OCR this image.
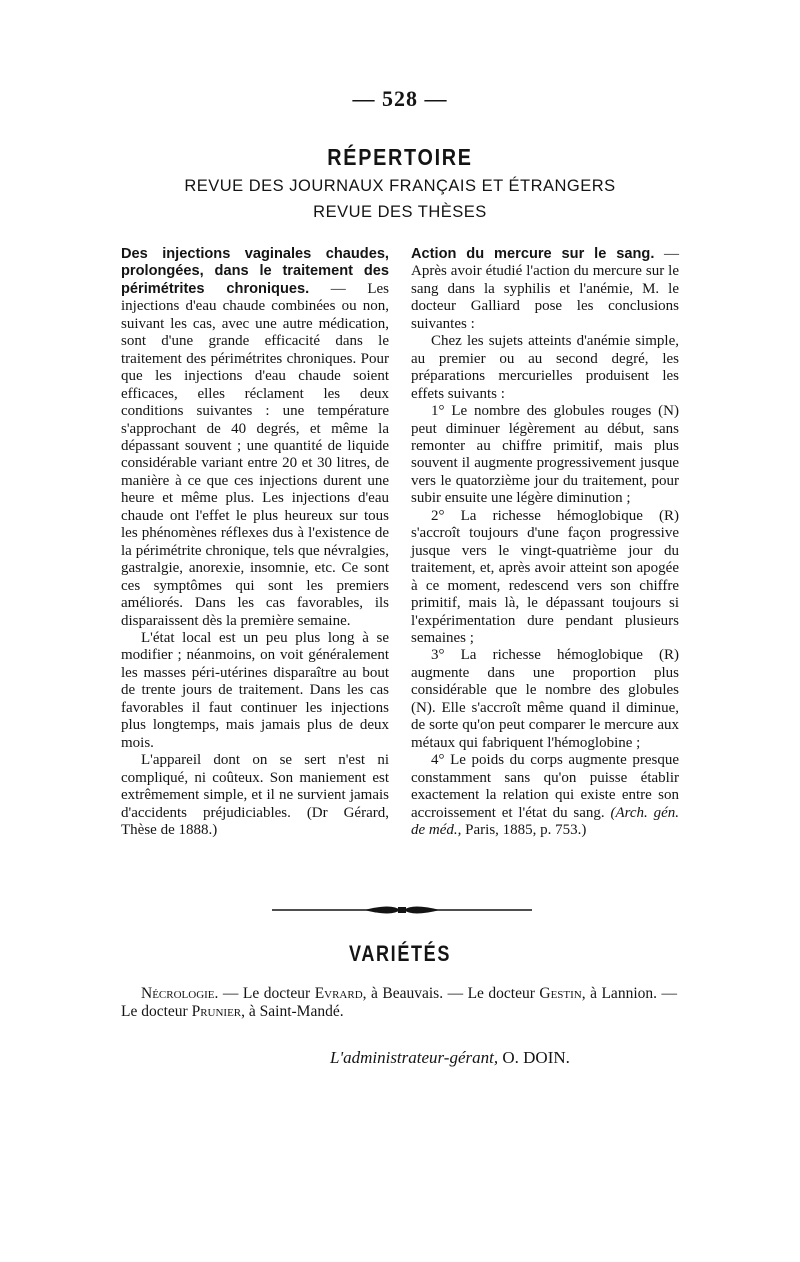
— 528 —
RÉPERTOIRE
REVUE DES JOURNAUX FRANÇAIS ET ÉTRANGERS
REVUE DES THÈSES

Des injections vaginales chaudes, prolongées, dans le traitement des périmétrites chroniques. — Les injections d'eau chaude combinées ou non, suivant les cas, avec une autre médication, sont d'une grande efficacité dans le traitement des périmétrites chroniques. Pour que les injections d'eau chaude soient efficaces, elles réclament les deux conditions suivantes : une température s'approchant de 40 degrés, et même la dépassant souvent ; une quantité de liquide considérable variant entre 20 et 30 litres, de manière à ce que ces injections durent une heure et même plus. Les injections d'eau chaude ont l'effet le plus heureux sur tous les phénomènes réflexes dus à l'existence de la périmétrite chronique, tels que névralgies, gastralgie, anorexie, insomnie, etc. Ce sont ces symptômes qui sont les premiers améliorés. Dans les cas favorables, ils disparaissent dès la première semaine.

L'état local est un peu plus long à se modifier ; néanmoins, on voit généralement les masses péri-utérines disparaître au bout de trente jours de traitement. Dans les cas favorables il faut continuer les injections plus longtemps, mais jamais plus de deux mois.

L'appareil dont on se sert n'est ni compliqué, ni coûteux. Son maniement est extrêmement simple, et il ne survient jamais d'accidents préjudiciables. (Dr Gérard, Thèse de 1888.)

Action du mercure sur le sang. — Après avoir étudié l'action du mercure sur le sang dans la syphilis et l'anémie, M. le docteur Galliard pose les conclusions suivantes :

Chez les sujets atteints d'anémie simple, au premier ou au second degré, les préparations mercurielles produisent les effets suivants :

1° Le nombre des globules rouges (N) peut diminuer légèrement au début, sans remonter au chiffre primitif, mais plus souvent il augmente progressivement jusque vers le quatorzième jour du traitement, pour subir ensuite une légère diminution ;

2° La richesse hémoglobique (R) s'accroît toujours d'une façon progressive jusque vers le vingt-quatrième jour du traitement, et, après avoir atteint son apogée à ce moment, redescend vers son chiffre primitif, mais là, le dépassant toujours si l'expérimentation dure pendant plusieurs semaines ;

3° La richesse hémoglobique (R) augmente dans une proportion plus considérable que le nombre des globules (N). Elle s'accroît même quand il diminue, de sorte qu'on peut comparer le mercure aux métaux qui fabriquent l'hémoglobine ;

4° Le poids du corps augmente presque constamment sans qu'on puisse établir exactement la relation qui existe entre son accroissement et l'état du sang. (Arch. gén. de méd., Paris, 1885, p. 753.)

VARIÉTÉS
Nécrologie. — Le docteur Evrard, à Beauvais. — Le docteur Gestin, à Lannion. — Le docteur Prunier, à Saint-Mandé.
L'administrateur-gérant, O. DOIN.
